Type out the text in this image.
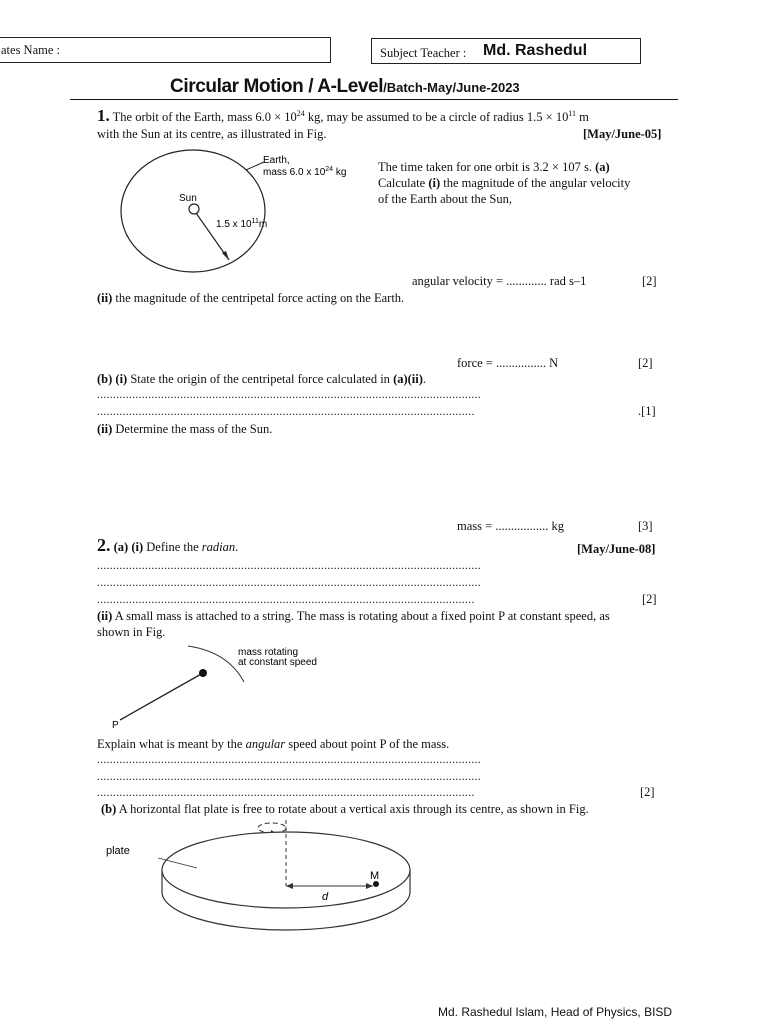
ates Name :	Subject Teacher : Md. Rashedul
Circular Motion / A-Level/Batch-May/June-2023
1. The orbit of the Earth, mass $6.0 \times 10^{24}$ kg, may be assumed to be a circle of radius $1.5 \times 10^{11}$ m
with the Sun at its centre, as illustrated in Fig.	[May/June-05]
Earth,
mass 6.0 x $10^{24}$ kg
Sun
1.5 x $10^{11}m$
The time taken for one orbit is 3.2 × 107 s. (a)
Calculate (i) the magnitude of the angular velocity
of the Earth about the Sun,
angular velocity = ............. rad s–1	[2]
(ii) the magnitude of the centripetal force acting on the Earth.
force = ................ N	[2]
(b) (i) State the origin of the centripetal force calculated in (a)(ii).
........................................................................................................................
......................................................................................................................	.[1]
(ii) Determine the mass of the Sun.
mass = ................. kg	[3]
2. (a) (i) Define the radian.	[May/June-08]
........................................................................................................................
........................................................................................................................
......................................................................................................................	[2]
(ii) A small mass is attached to a string. The mass is rotating about a fixed point P at constant speed, as
shown in Fig.
mass rotating
at constant speed
P
Explain what is meant by the angular speed about point P of the mass.
........................................................................................................................
........................................................................................................................
......................................................................................................................	[2]
(b) A horizontal flat plate is free to rotate about a vertical axis through its centre, as shown in Fig.
plate
M
d
Md. Rashedul Islam, Head of Physics, BISD
